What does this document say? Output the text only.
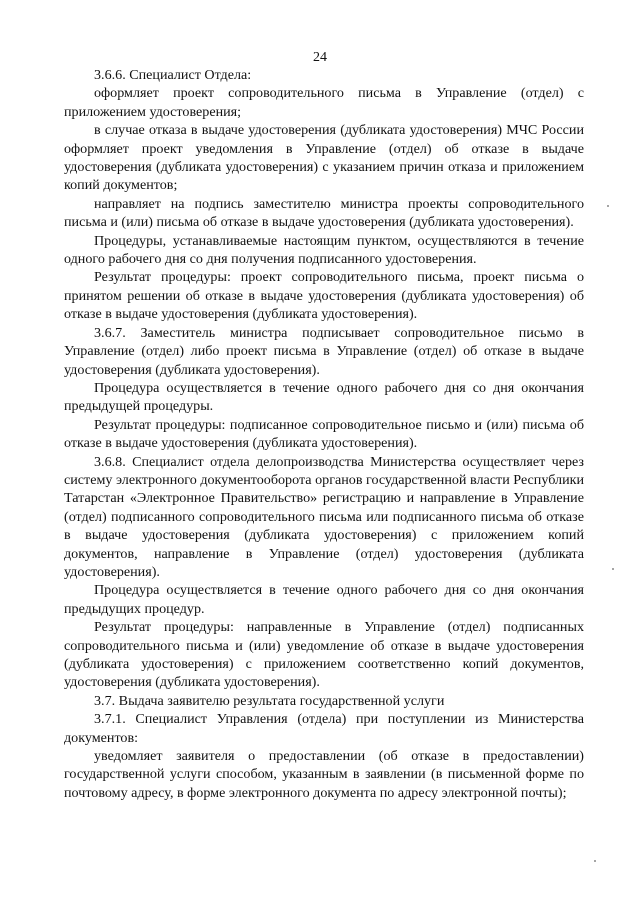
24

3.6.6. Специалист Отдела:

оформляет проект сопроводительного письма в Управление (отдел) с приложением удостоверения;

в случае отказа в выдаче удостоверения (дубликата удостоверения) МЧС России оформляет проект уведомления в Управление (отдел) об отказе в выдаче удостоверения (дубликата удостоверения) с указанием причин отказа и приложением копий документов;

направляет на подпись заместителю министра проекты сопроводительного письма и (или) письма об отказе в выдаче удостоверения (дубликата удостоверения).

Процедуры, устанавливаемые настоящим пунктом, осуществляются в течение одного рабочего дня со дня получения подписанного удостоверения.

Результат процедуры: проект сопроводительного письма, проект письма о принятом решении об отказе в выдаче удостоверения (дубликата удостоверения) об отказе в выдаче удостоверения (дубликата удостоверения).

3.6.7. Заместитель министра подписывает сопроводительное письмо в Управление (отдел) либо проект письма в Управление (отдел) об отказе в выдаче удостоверения (дубликата удостоверения).

Процедура осуществляется в течение одного рабочего дня со дня окончания предыдущей процедуры.

Результат процедуры: подписанное сопроводительное письмо и (или) письма об отказе в выдаче удостоверения (дубликата удостоверения).

3.6.8. Специалист отдела делопроизводства Министерства осуществляет через систему электронного документооборота органов государственной власти Республики Татарстан «Электронное Правительство» регистрацию и направление в Управление (отдел) подписанного сопроводительного письма или подписанного письма об отказе в выдаче удостоверения (дубликата удостоверения) с приложением копий документов, направление в Управление (отдел) удостоверения (дубликата удостоверения).

Процедура осуществляется в течение одного рабочего дня со дня окончания предыдущих процедур.

Результат процедуры: направленные в Управление (отдел) подписанных сопроводительного письма и (или) уведомление об отказе в выдаче удостоверения (дубликата удостоверения) с приложением соответственно копий документов, удостоверения (дубликата удостоверения).

3.7. Выдача заявителю результата государственной услуги

3.7.1. Специалист Управления (отдела) при поступлении из Министерства документов:

уведомляет заявителя о предоставлении (об отказе в предоставлении) государственной услуги способом, указанным в заявлении (в письменной форме по почтовому адресу, в форме электронного документа по адресу электронной почты);
